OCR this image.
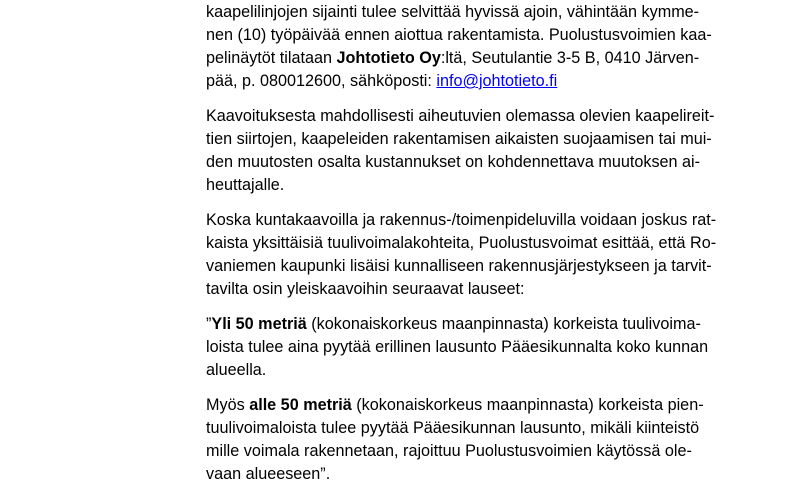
kaapelilinjojen sijainti tulee selvittää hyvissä ajoin, vähintään kymme-
nen (10) työpäivää ennen aiottua rakentamista. Puolustusvoimien kaa-
pelinäytöt tilataan Johtotieto Oy:ltä, Seutulantie 3-5 B, 0410 Järven-
pää, p. 080012600, sähköposti: info@johtotieto.fi

Kaavoituksesta mahdollisesti aiheutuvien olemassa olevien kaapelireit-
tien siirtojen, kaapeleiden rakentamisen aikaisten suojaamisen tai mui-
den muutosten osalta kustannukset on kohdennettava muutoksen ai-
heuttajalle.

Koska kuntakaavoilla ja rakennus-/toimenpideluvilla voidaan joskus rat-
kaista yksittäisiä tuulivoimalakohteita, Puolustusvoimat esittää, että Ro-
vaniemen kaupunki lisäisi kunnalliseen rakennusjärjestykseen ja tarvit-
tavilta osin yleiskaavoihin seuraavat lauseet:

”Yli 50 metriä (kokonaiskorkeus maanpinnasta) korkeista tuulivoima-
loista tulee aina pyytää erillinen lausunto Pääesikunnalta koko kunnan
alueella.

Myös alle 50 metriä (kokonaiskorkeus maanpinnasta) korkeista pien-
tuulivoimaloista tulee pyytää Pääesikunnan lausunto, mikäli kiinteistö
mille voimala rakennetaan, rajoittuu Puolustusvoimien käytössä ole-
vaan alueeseen”.
